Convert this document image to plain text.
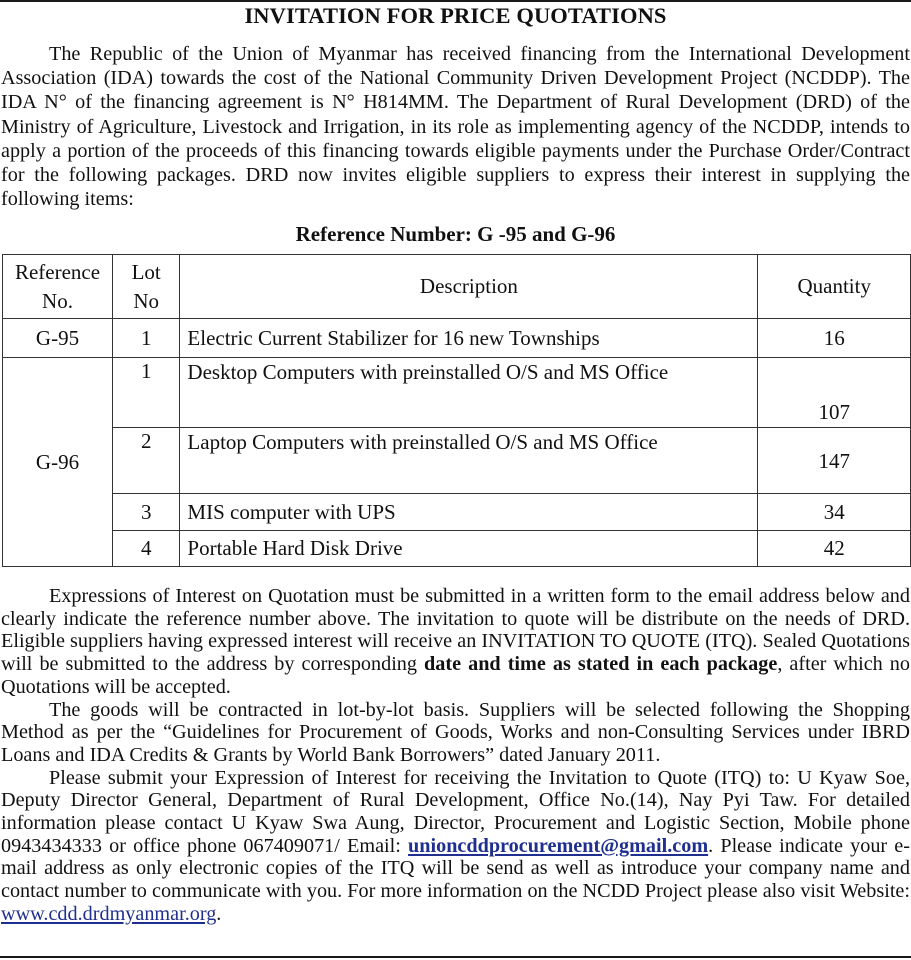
INVITATION FOR PRICE QUOTATIONS

The Republic of the Union of Myanmar has received financing from the International Development Association (IDA) towards the cost of the National Community Driven Development Project (NCDDP). The IDA N° of the financing agreement is N° H814MM. The Department of Rural Development (DRD) of the Ministry of Agriculture, Livestock and Irrigation, in its role as implementing agency of the NCDDP, intends to apply a portion of the proceeds of this financing towards eligible payments under the Purchase Order/Contract for the following packages. DRD now invites eligible suppliers to express their interest in supplying the following items:

Reference Number: G -95 and G-96
Reference No.	Lot No	Description	Quantity
G-95	1	Electric Current Stabilizer for 16 new Townships	16
G-96	1	Desktop Computers with preinstalled O/S and MS Office	107
	2	Laptop Computers with preinstalled O/S and MS Office	147
	3	MIS computer with UPS	34
	4	Portable Hard Disk Drive	42

Expressions of Interest on Quotation must be submitted in a written form to the email address below and clearly indicate the reference number above. The invitation to quote will be distribute on the needs of DRD. Eligible suppliers having expressed interest will receive an INVITATION TO QUOTE (ITQ). Sealed Quotations will be submitted to the address by corresponding date and time as stated in each package, after which no Quotations will be accepted.

The goods will be contracted in lot-by-lot basis. Suppliers will be selected following the Shopping Method as per the “Guidelines for Procurement of Goods, Works and non-Consulting Services under IBRD Loans and IDA Credits & Grants by World Bank Borrowers” dated January 2011.

Please submit your Expression of Interest for receiving the Invitation to Quote (ITQ) to: U Kyaw Soe, Deputy Director General, Department of Rural Development, Office No.(14), Nay Pyi Taw. For detailed information please contact U Kyaw Swa Aung, Director, Procurement and Logistic Section, Mobile phone 0943434333 or office phone 067409071/ Email: unioncddprocurement@gmail.com. Please indicate your e-mail address as only electronic copies of the ITQ will be send as well as introduce your company name and contact number to communicate with you. For more information on the NCDD Project please also visit Website: www.cdd.drdmyanmar.org.
